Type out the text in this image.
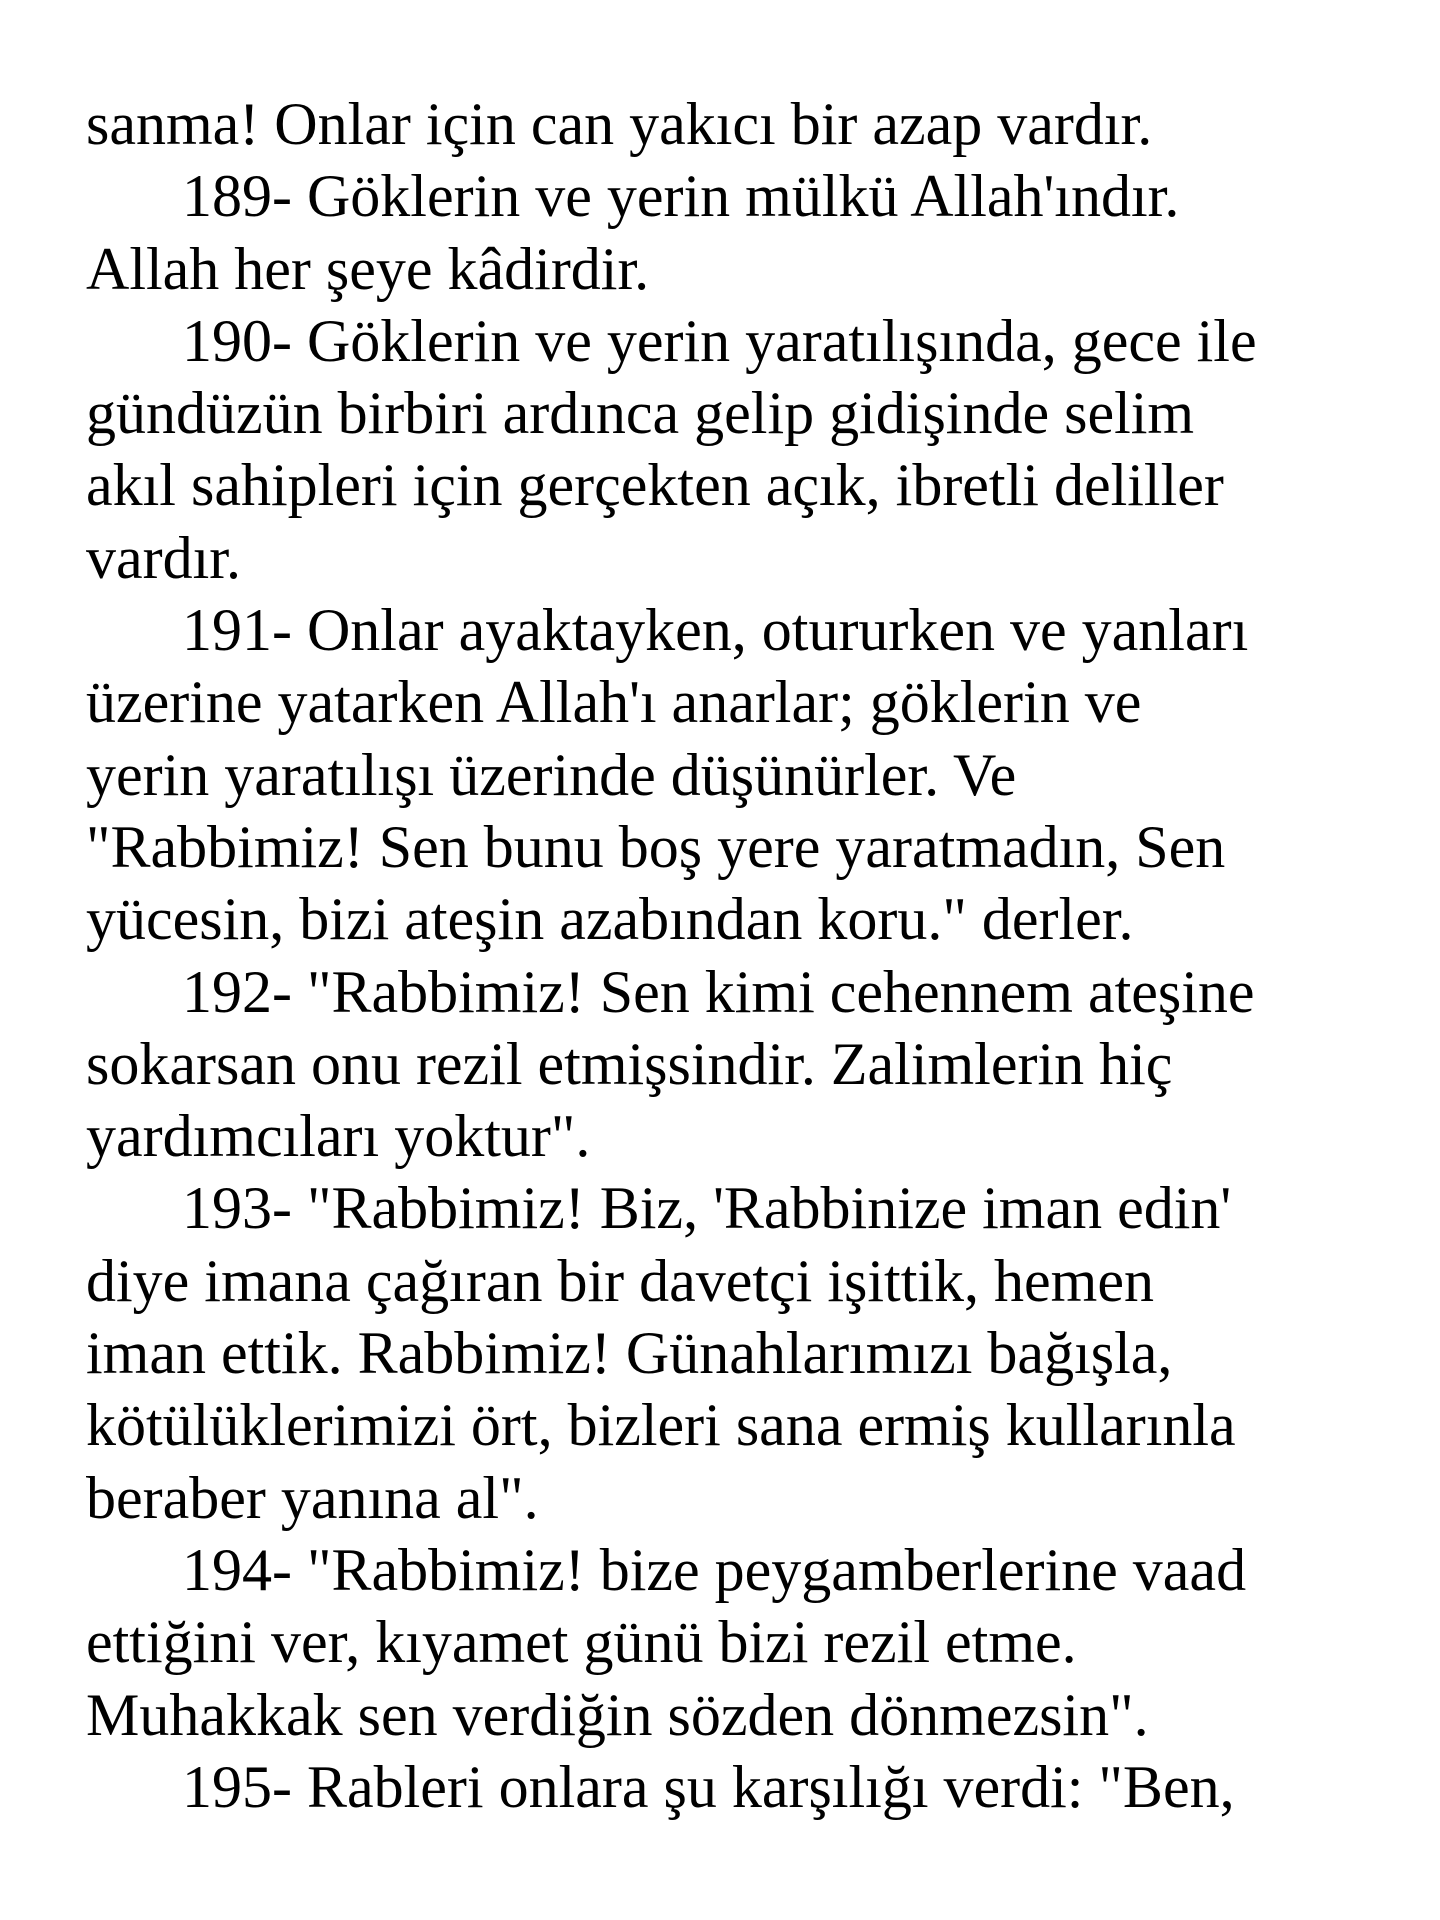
sanma! Onlar için can yakıcı bir azap vardır.
189- Göklerin ve yerin mülkü Allah'ındır.
Allah her şeye kâdirdir.
190- Göklerin ve yerin yaratılışında, gece ile
gündüzün birbiri ardınca gelip gidişinde selim
akıl sahipleri için gerçekten açık, ibretli deliller
vardır.
191- Onlar ayaktayken, otururken ve yanları
üzerine yatarken Allah'ı anarlar; göklerin ve
yerin yaratılışı üzerinde düşünürler. Ve
"Rabbimiz! Sen bunu boş yere yaratmadın, Sen
yücesin, bizi ateşin azabından koru." derler.
192- "Rabbimiz! Sen kimi cehennem ateşine
sokarsan onu rezil etmişsindir. Zalimlerin hiç
yardımcıları yoktur".
193- "Rabbimiz! Biz, 'Rabbinize iman edin'
diye imana çağıran bir davetçi işittik, hemen
iman ettik. Rabbimiz! Günahlarımızı bağışla,
kötülüklerimizi ört, bizleri sana ermiş kullarınla
beraber yanına al".
194- "Rabbimiz! bize peygamberlerine vaad
ettiğini ver, kıyamet günü bizi rezil etme.
Muhakkak sen verdiğin sözden dönmezsin".
195- Rableri onlara şu karşılığı verdi: "Ben,
